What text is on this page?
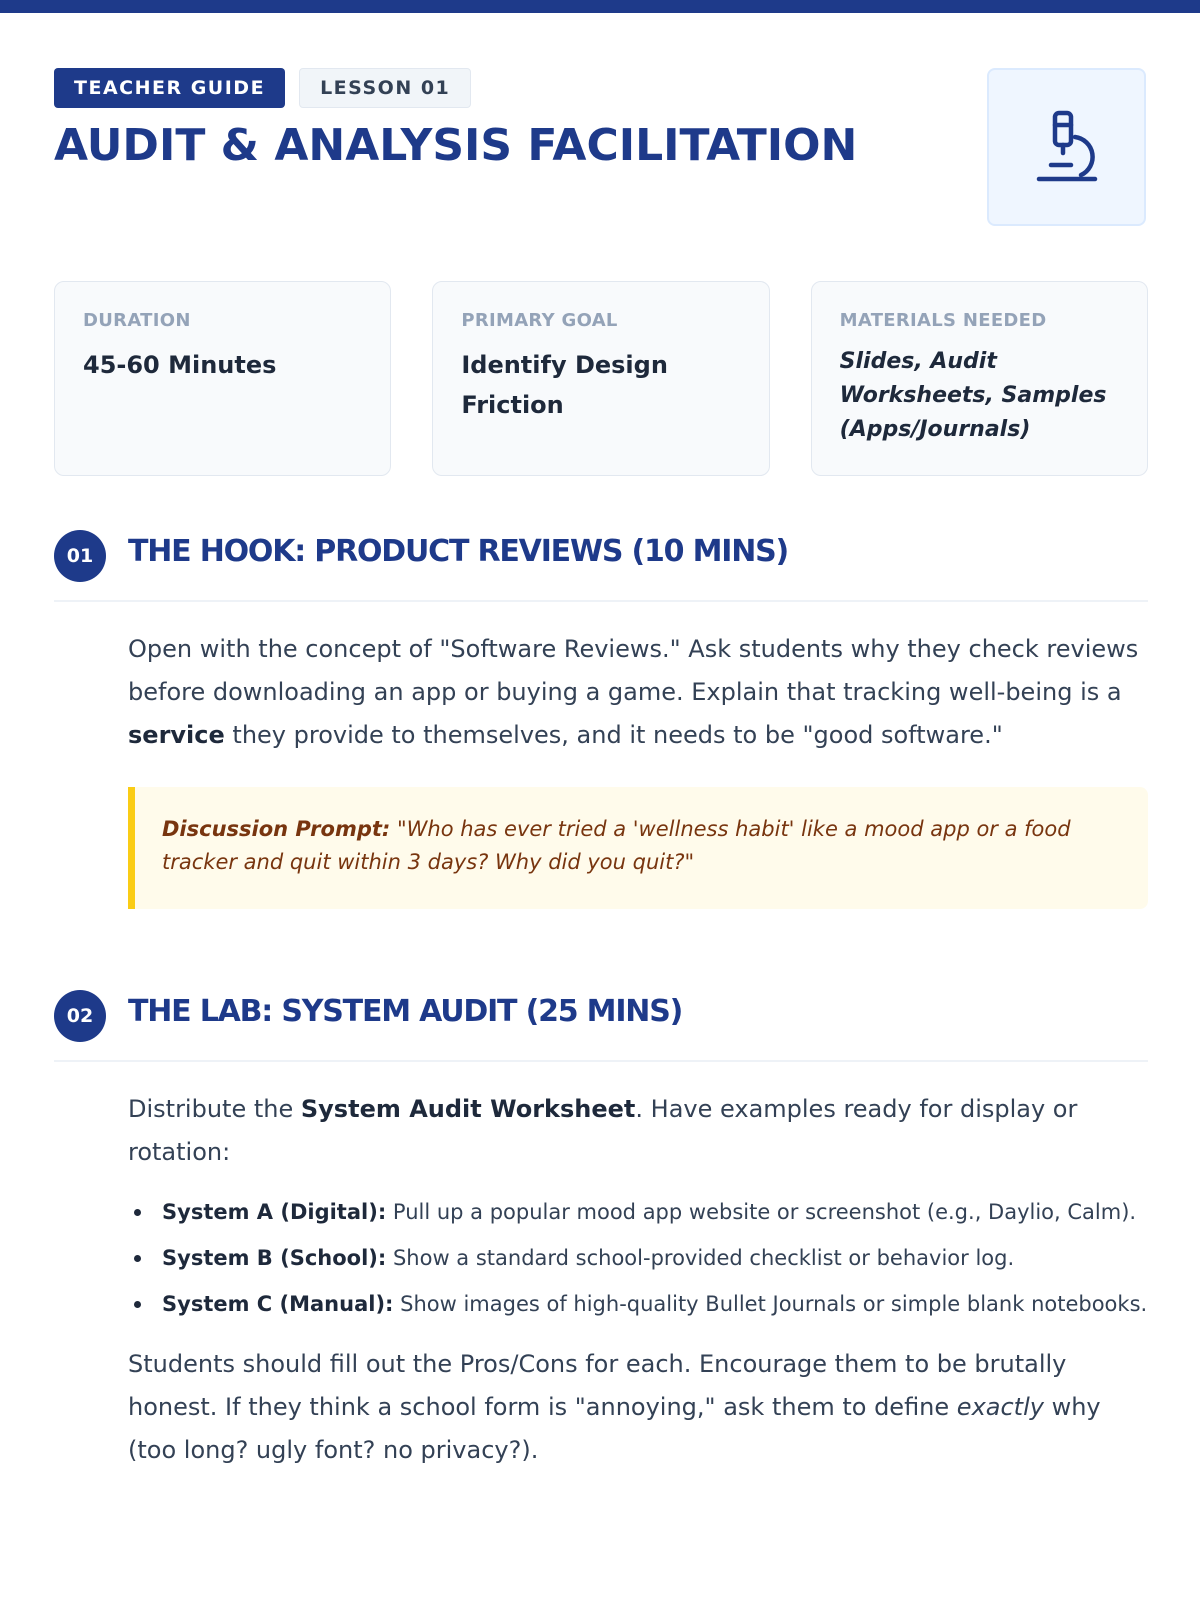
TEACHER GUIDE	LESSON 01
AUDIT & ANALYSIS FACILITATION
DURATION
45-60 Minutes
PRIMARY GOAL
Identify Design Friction
MATERIALS NEEDED
Slides, Audit Worksheets, Samples (Apps/Journals)
01	THE HOOK: PRODUCT REVIEWS (10 MINS)

Open with the concept of "Software Reviews." Ask students why they check reviews before downloading an app or buying a game. Explain that tracking well-being is a service they provide to themselves, and it needs to be "good software."

Discussion Prompt: "Who has ever tried a 'wellness habit' like a mood app or a food tracker and quit within 3 days? Why did you quit?"
02	THE LAB: SYSTEM AUDIT (25 MINS)

Distribute the System Audit Worksheet. Have examples ready for display or rotation:

System A (Digital): Pull up a popular mood app website or screenshot (e.g., Daylio, Calm).
System B (School): Show a standard school-provided checklist or behavior log.
System C (Manual): Show images of high-quality Bullet Journals or simple blank notebooks.

Students should fill out the Pros/Cons for each. Encourage them to be brutally honest. If they think a school form is "annoying," ask them to define exactly why (too long? ugly font? no privacy?).
